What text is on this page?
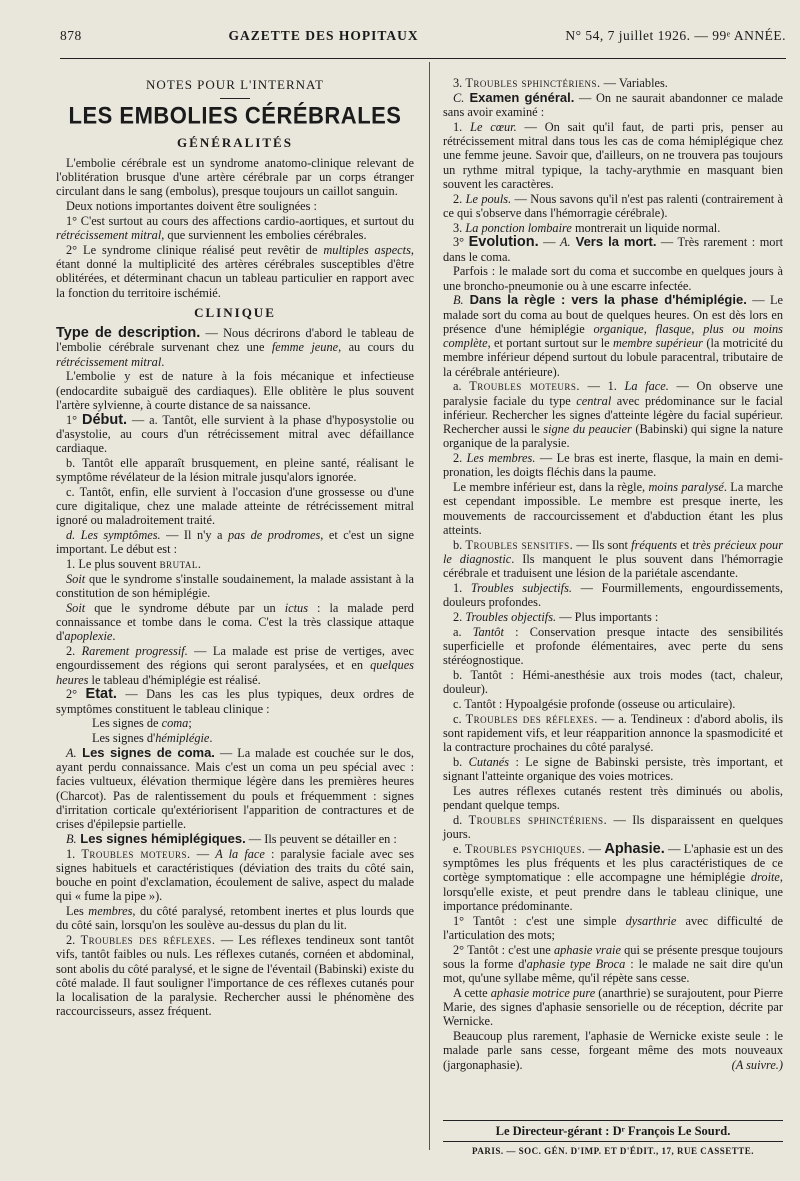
878	GAZETTE DES HOPITAUX	N° 54, 7 juillet 1926. — 99ᵉ ANNÉE.
NOTES POUR L'INTERNAT
LES EMBOLIES CÉRÉBRALES
GÉNÉRALITÉS

L'embolie cérébrale est un syndrome anatomo-clinique relevant de l'oblitération brusque d'une artère cérébrale par un corps étranger circulant dans le sang (embolus), presque toujours un caillot sanguin.

Deux notions importantes doivent être soulignées :

1° C'est surtout au cours des affections cardio-aortiques, et surtout du rétrécissement mitral, que surviennent les embolies cérébrales.

2° Le syndrome clinique réalisé peut revêtir de multiples aspects, étant donné la multiplicité des artères cérébrales susceptibles d'être oblitérées, et déterminant chacun un tableau particulier en rapport avec la fonction du territoire ischémié.

CLINIQUE

Type de description. — Nous décrirons d'abord le tableau de l'embolie cérébrale survenant chez une femme jeune, au cours du rétrécissement mitral.

L'embolie y est de nature à la fois mécanique et infectieuse (endocardite subaiguë des cardiaques). Elle oblitère le plus souvent l'artère sylvienne, à courte distance de sa naissance.

1° Début. — a. Tantôt, elle survient à la phase d'hyposystolie ou d'asystolie, au cours d'un rétrécissement mitral avec défaillance cardiaque.

b. Tantôt elle apparaît brusquement, en pleine santé, réalisant le symptôme révélateur de la lésion mitrale jusqu'alors ignorée.

c. Tantôt, enfin, elle survient à l'occasion d'une grossesse ou d'une cure digitalique, chez une malade atteinte de rétrécissement mitral ignoré ou maladroitement traité.

d. Les symptômes. — Il n'y a pas de prodromes, et c'est un signe important. Le début est :

1. Le plus souvent brutal.

Soit que le syndrome s'installe soudainement, la malade assistant à la constitution de son hémiplégie.

Soit que le syndrome débute par un ictus : la malade perd connaissance et tombe dans le coma. C'est la très classique attaque d'apoplexie.

2. Rarement progressif. — La malade est prise de vertiges, avec engourdissement des régions qui seront paralysées, et en quelques heures le tableau d'hémiplégie est réalisé.

2° Etat. — Dans les cas les plus typiques, deux ordres de symptômes constituent le tableau clinique :

Les signes de coma;

Les signes d'hémiplégie.

A. Les signes de coma. — La malade est couchée sur le dos, ayant perdu connaissance. Mais c'est un coma un peu spécial avec : facies vultueux, élévation thermique légère dans les premières heures (Charcot). Pas de ralentissement du pouls et fréquemment : signes d'irritation corticale qu'extériorisent l'apparition de contractures et de crises d'épilepsie partielle.

B. Les signes hémiplégiques. — Ils peuvent se détailler en :

1. Troubles moteurs. — A la face : paralysie faciale avec ses signes habituels et caractéristiques (déviation des traits du côté sain, bouche en point d'exclamation, écoulement de salive, aspect du malade qui « fume la pipe »).

Les membres, du côté paralysé, retombent inertes et plus lourds que du côté sain, lorsqu'on les soulève au-dessus du plan du lit.

2. Troubles des réflexes. — Les réflexes tendineux sont tantôt vifs, tantôt faibles ou nuls. Les réflexes cutanés, cornéen et abdominal, sont abolis du côté paralysé, et le signe de l'éventail (Babinski) existe du côté malade. Il faut souligner l'importance de ces réflexes cutanés pour la localisation de la paralysie. Rechercher aussi le phénomène des raccourcisseurs, assez fréquent.

3. Troubles sphinctériens. — Variables.

C. Examen général. — On ne saurait abandonner ce malade sans avoir examiné :

1. Le cœur. — On sait qu'il faut, de parti pris, penser au rétrécissement mitral dans tous les cas de coma hémiplégique chez une femme jeune. Savoir que, d'ailleurs, on ne trouvera pas toujours un rythme mitral typique, la tachy-arythmie en masquant bien souvent les caractères.

2. Le pouls. — Nous savons qu'il n'est pas ralenti (contrairement à ce qui s'observe dans l'hémorragie cérébrale).

3. La ponction lombaire montrerait un liquide normal.

3° Evolution. — A. Vers la mort. — Très rarement : mort dans le coma.

Parfois : le malade sort du coma et succombe en quelques jours à une broncho-pneumonie ou à une escarre infectée.

B. Dans la règle : vers la phase d'hémiplégie. — Le malade sort du coma au bout de quelques heures. On est dès lors en présence d'une hémiplégie organique, flasque, plus ou moins complète, et portant surtout sur le membre supérieur (la motricité du membre inférieur dépend surtout du lobule paracentral, tributaire de la cérébrale antérieure).

a. Troubles moteurs. — 1. La face. — On observe une paralysie faciale du type central avec prédominance sur le facial inférieur. Rechercher les signes d'atteinte légère du facial supérieur. Rechercher aussi le signe du peaucier (Babinski) qui signe la nature organique de la paralysie.

2. Les membres. — Le bras est inerte, flasque, la main en demi-pronation, les doigts fléchis dans la paume.

Le membre inférieur est, dans la règle, moins paralysé. La marche est cependant impossible. Le membre est presque inerte, les mouvements de raccourcissement et d'abduction étant les plus atteints.

b. Troubles sensitifs. — Ils sont fréquents et très précieux pour le diagnostic. Ils manquent le plus souvent dans l'hémorragie cérébrale et traduisent une lésion de la pariétale ascendante.

1. Troubles subjectifs. — Fourmillements, engourdissements, douleurs profondes.

2. Troubles objectifs. — Plus importants :

a. Tantôt : Conservation presque intacte des sensibilités superficielle et profonde élémentaires, avec perte du sens stéréognostique.

b. Tantôt : Hémi-anesthésie aux trois modes (tact, chaleur, douleur).

c. Tantôt : Hypoalgésie profonde (osseuse ou articulaire).

c. Troubles des réflexes. — a. Tendineux : d'abord abolis, ils sont rapidement vifs, et leur réapparition annonce la spasmodicité et la contracture prochaines du côté paralysé.

b. Cutanés : Le signe de Babinski persiste, très important, et signant l'atteinte organique des voies motrices.

Les autres réflexes cutanés restent très diminués ou abolis, pendant quelque temps.

d. Troubles sphinctériens. — Ils disparaissent en quelques jours.

e. Troubles psychiques. — Aphasie. — L'aphasie est un des symptômes les plus fréquents et les plus caractéristiques de ce cortège symptomatique : elle accompagne une hémiplégie droite, lorsqu'elle existe, et peut prendre dans le tableau clinique, une importance prédominante.

1° Tantôt : c'est une simple dysarthrie avec difficulté de l'articulation des mots;

2° Tantôt : c'est une aphasie vraie qui se présente presque toujours sous la forme d'aphasie type Broca : le malade ne sait dire qu'un mot, qu'une syllabe même, qu'il répète sans cesse.

A cette aphasie motrice pure (anarthrie) se surajoutent, pour Pierre Marie, des signes d'aphasie sensorielle ou de réception, décrite par Wernicke.

Beaucoup plus rarement, l'aphasie de Wernicke existe seule : le malade parle sans cesse, forgeant même des mots nouveaux (jargonaphasie).	(A suivre.)

Le Directeur-gérant : Dʳ François Le Sourd.
PARIS. — SOC. GÉN. D'IMP. ET D'ÉDIT., 17, RUE CASSETTE.
